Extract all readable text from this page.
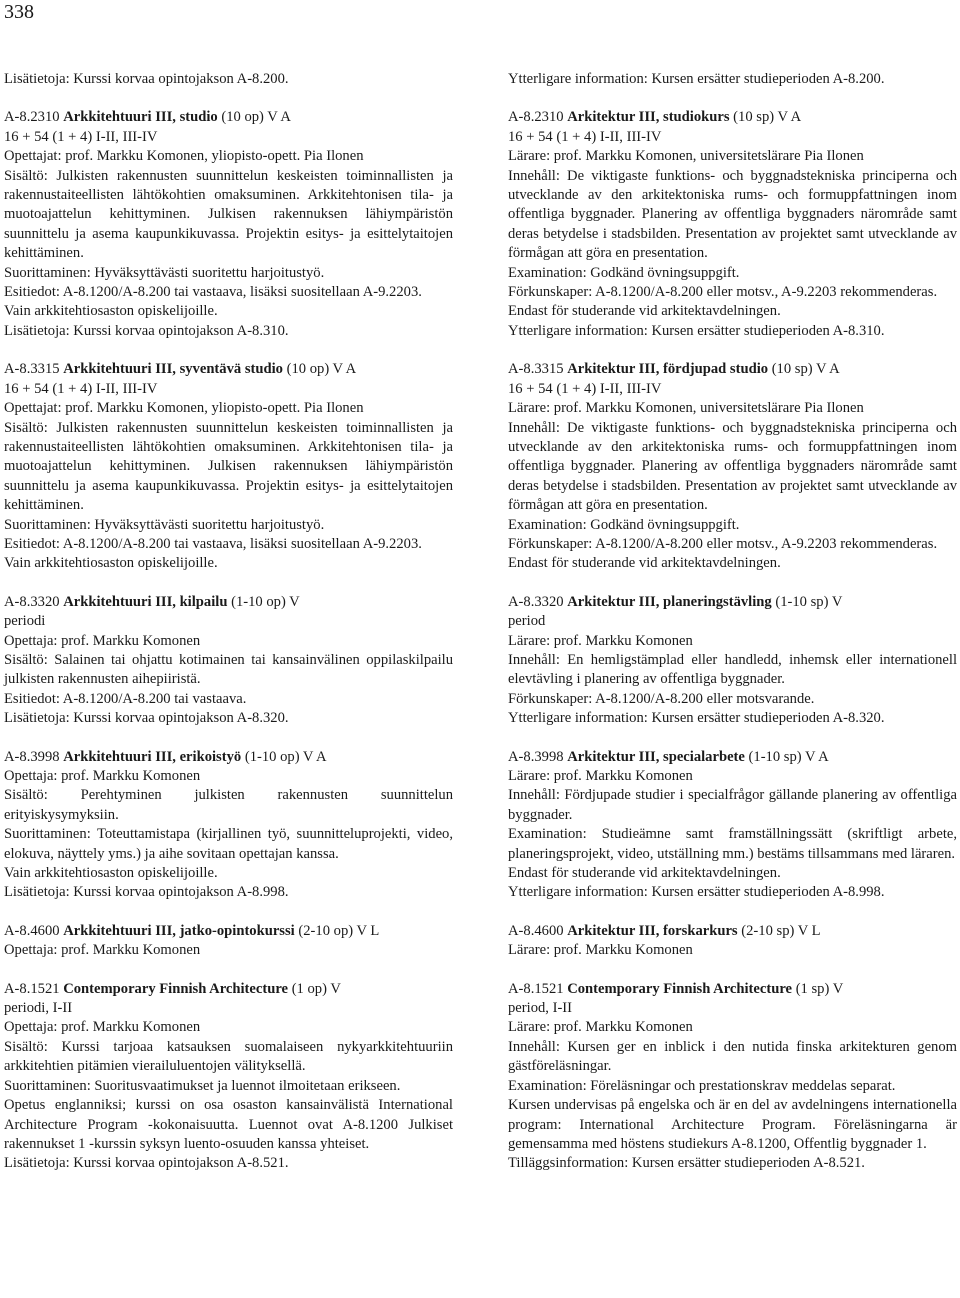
338

Lisätietoja: Kurssi korvaa opintojakson A-8.200.

A-8.2310 Arkkitehtuuri III, studio (10 op) V A

16 + 54 (1 + 4) I-II, III-IV

Opettajat: prof. Markku Komonen, yliopisto-opett. Pia Ilonen

Sisältö: Julkisten rakennusten suunnittelun keskeisten toiminnallisten ja rakennustaiteellisten lähtökohtien omaksuminen. Arkkitehtonisen tila- ja muotoajattelun kehittyminen. Julkisen rakennuksen lähiympäristön suunnittelu ja asema kaupunkikuvassa. Projektin esitys- ja esittelytaitojen kehittäminen.

Suorittaminen: Hyväksyttävästi suoritettu harjoitustyö.

Esitiedot: A-8.1200/A-8.200 tai vastaava, lisäksi suositellaan A-9.2203.

Vain arkkitehtiosaston opiskelijoille.

Lisätietoja: Kurssi korvaa opintojakson A-8.310.

A-8.3315 Arkkitehtuuri III, syventävä studio (10 op) V A

16 + 54 (1 + 4) I-II, III-IV

Opettajat: prof. Markku Komonen, yliopisto-opett. Pia Ilonen

Sisältö: Julkisten rakennusten suunnittelun keskeisten toiminnallisten ja rakennustaiteellisten lähtökohtien omaksuminen. Arkkitehtonisen tila- ja muotoajattelun kehittyminen. Julkisen rakennuksen lähiympäristön suunnittelu ja asema kaupunkikuvassa. Projektin esitys- ja esittelytaitojen kehittäminen.

Suorittaminen: Hyväksyttävästi suoritettu harjoitustyö.

Esitiedot: A-8.1200/A-8.200 tai vastaava, lisäksi suositellaan A-9.2203.

Vain arkkitehtiosaston opiskelijoille.

A-8.3320 Arkkitehtuuri III, kilpailu (1-10 op) V

periodi

Opettaja: prof. Markku Komonen

Sisältö: Salainen tai ohjattu kotimainen tai kansainvälinen oppilaskilpailu julkisten rakennusten aihepiiristä.

Esitiedot: A-8.1200/A-8.200 tai vastaava.

Lisätietoja: Kurssi korvaa opintojakson A-8.320.

A-8.3998 Arkkitehtuuri III, erikoistyö (1-10 op) V A

Opettaja: prof. Markku Komonen

Sisältö: Perehtyminen julkisten rakennusten suunnittelun erityiskysymyksiin.

Suorittaminen: Toteuttamistapa (kirjallinen työ, suunnitteluprojekti, video, elokuva, näyttely yms.) ja aihe sovitaan opettajan kanssa.

Vain arkkitehtiosaston opiskelijoille.

Lisätietoja: Kurssi korvaa opintojakson A-8.998.

A-8.4600 Arkkitehtuuri III, jatko-opintokurssi (2-10 op) V L

Opettaja: prof. Markku Komonen

A-8.1521 Contemporary Finnish Architecture (1 op) V

periodi, I-II

Opettaja: prof. Markku Komonen

Sisältö: Kurssi tarjoaa katsauksen suomalaiseen nykyarkkitehtuuriin arkkitehtien pitämien vierailuluentojen välityksellä.

Suorittaminen: Suoritusvaatimukset ja luennot ilmoitetaan erikseen.

Opetus englanniksi; kurssi on osa osaston kansainvälistä International Architecture Program -kokonaisuutta. Luennot ovat A-8.1200 Julkiset rakennukset 1 -kurssin syksyn luento-osuuden kanssa yhteiset.

Lisätietoja: Kurssi korvaa opintojakson A-8.521.

Ytterligare information: Kursen ersätter studieperioden A-8.200.

A-8.2310 Arkitektur III, studiokurs (10 sp) V A

16 + 54 (1 + 4) I-II, III-IV

Lärare: prof. Markku Komonen, universitetslärare Pia Ilonen

Innehåll: De viktigaste funktions- och byggnadstekniska principerna och utvecklande av den arkitektoniska rums- och formuppfattningen inom offentliga byggnader. Planering av offentliga byggnaders närområde samt deras betydelse i stadsbilden. Presentation av projektet samt utvecklande av förmågan att göra en presentation.

Examination: Godkänd övningsuppgift.

Förkunskaper: A-8.1200/A-8.200 eller motsv., A-9.2203 rekommenderas.

Endast för studerande vid arkitektavdelningen.

Ytterligare information: Kursen ersätter studieperioden A-8.310.

A-8.3315 Arkitektur III, fördjupad studio (10 sp) V A

16 + 54 (1 + 4) I-II, III-IV

Lärare: prof. Markku Komonen, universitetslärare Pia Ilonen

Innehåll: De viktigaste funktions- och byggnadstekniska principerna och utvecklande av den arkitektoniska rums- och formuppfattningen inom offentliga byggnader. Planering av offentliga byggnaders närområde samt deras betydelse i stadsbilden. Presentation av projektet samt utvecklande av förmågan att göra en presentation.

Examination: Godkänd övningsuppgift.

Förkunskaper: A-8.1200/A-8.200 eller motsv., A-9.2203 rekommenderas.

Endast för studerande vid arkitektavdelningen.

A-8.3320 Arkitektur III, planeringstävling (1-10 sp) V

period

Lärare: prof. Markku Komonen

Innehåll: En hemligstämplad eller handledd, inhemsk eller internationell elevtävling i planering av offentliga byggnader.

Förkunskaper: A-8.1200/A-8.200 eller motsvarande.

Ytterligare information: Kursen ersätter studieperioden A-8.320.

A-8.3998 Arkitektur III, specialarbete (1-10 sp) V A

Lärare: prof. Markku Komonen

Innehåll: Fördjupade studier i specialfrågor gällande planering av offentliga byggnader.

Examination: Studieämne samt framställningssätt (skriftligt arbete, planeringsprojekt, video, utställning mm.) bestäms tillsammans med läraren.

Endast för studerande vid arkitektavdelningen.

Ytterligare information: Kursen ersätter studieperioden A-8.998.

A-8.4600 Arkitektur III, forskarkurs (2-10 sp) V L

Lärare: prof. Markku Komonen

A-8.1521 Contemporary Finnish Architecture (1 sp) V

period, I-II

Lärare: prof. Markku Komonen

Innehåll: Kursen ger en inblick i den nutida finska arkitekturen genom gästföreläsningar.

Examination: Föreläsningar och prestationskrav meddelas separat.

Kursen undervisas på engelska och är en del av avdelningens internationella program: International Architecture Program. Föreläsningarna är gemensamma med höstens studiekurs A-8.1200, Offentlig byggnader 1.

Tilläggsinformation: Kursen ersätter studieperioden A-8.521.
